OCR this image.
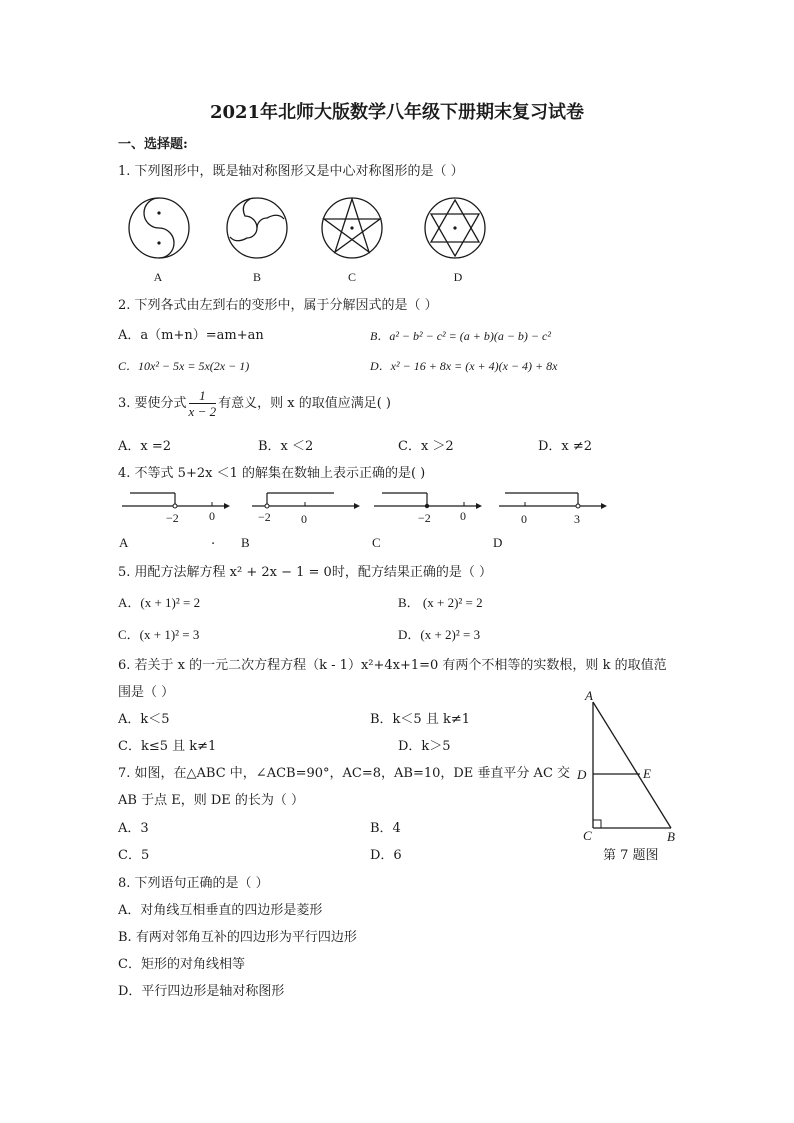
2021年北师大版数学八年级下册期末复习试卷
一、选择题:
1. 下列图形中，既是轴对称图形又是中心对称图形的是（ ）
A	B	C	D
2. 下列各式由左到右的变形中，属于分解因式的是（ ）
A．a（m+n）=am+an	B．a² − b² − c² = (a + b)(a − b) − c²
C．10x² − 5x = 5x(2x − 1)	D．x² − 16 + 8x = (x + 4)(x − 4) + 8x
3. 要使分式 $\frac{1}{x - 2}$ 有意义，则 x 的取值应满足( )
A．x =2	B．x ＜2	C．x ＞2	D．x ≠2
4. 不等式 5+2x ＜1 的解集在数轴上表示正确的是( )
−2	0	−2	0	−2 0	0	3
A	. B	C	D
5. 用配方法解方程 x² + 2x − 1 = 0时，配方结果正确的是（ ）
A．(x + 1)² = 2	B． (x + 2)² = 2
C．(x + 1)² = 3	D．(x + 2)² = 3
6. 若关于 x 的一元二次方程方程（k - 1）x²+4x+1=0 有两个不相等的实数根，则 k 的取值范
围是（ ）
A．k＜5	B．k＜5 且 k≠1
C．k≤5 且 k≠1	D．k＞5
7. 如图，在△ABC 中，∠ACB=90°，AC=8，AB=10，DE 垂直平分 AC 交
AB 于点 E，则 DE 的长为（ ）
A．3	B．4
C．5	D．6
A
D	E
C	B
第 7 题图
8. 下列语句正确的是（ ）
A．对角线互相垂直的四边形是菱形
B. 有两对邻角互补的四边形为平行四边形
C．矩形的对角线相等
D．平行四边形是轴对称图形
